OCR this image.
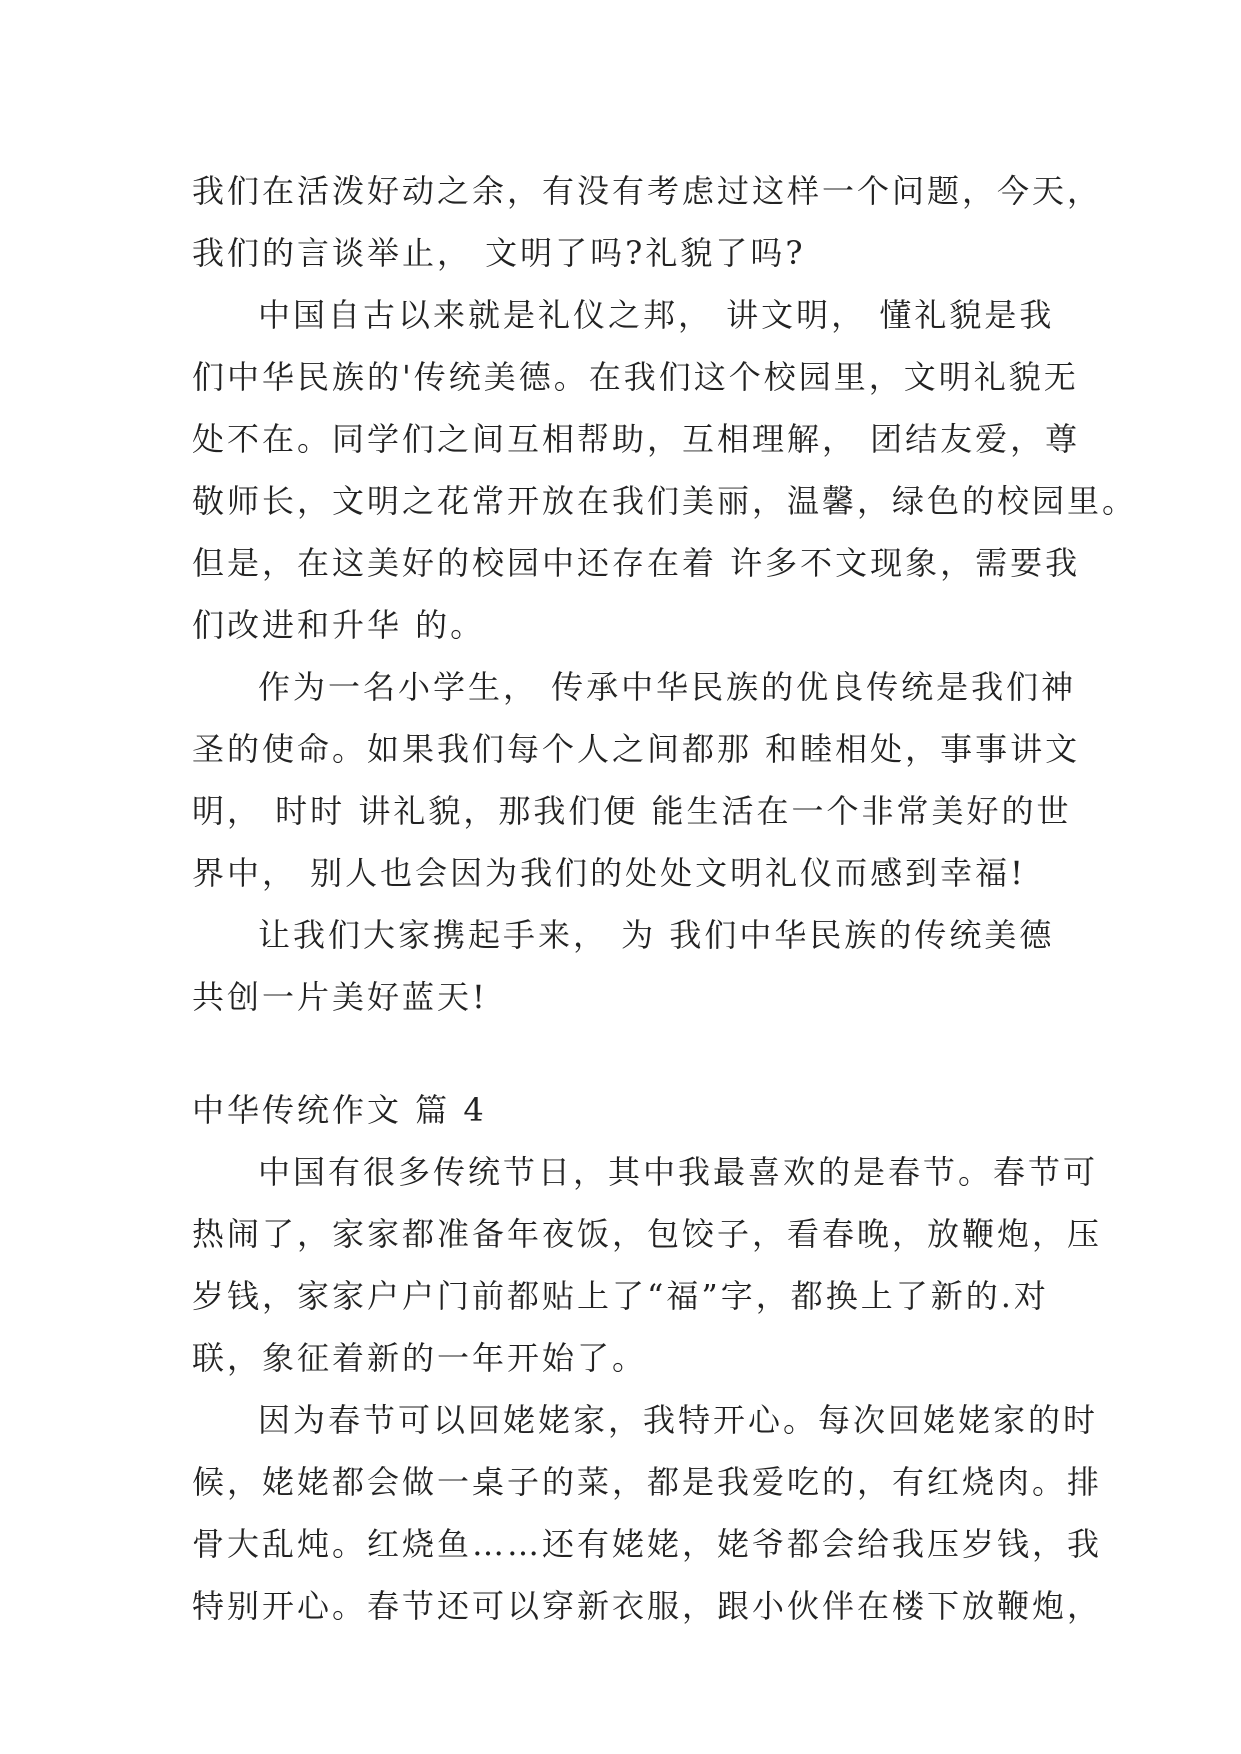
我们在活泼好动之余，有没有考虑过这样一个问题，今天，
我们的言谈举止， 文明了吗?礼貌了吗?

中国自古以来就是礼仪之邦， 讲文明， 懂礼貌是我
们中华民族的'传统美德。在我们这个校园里，文明礼貌无
处不在。同学们之间互相帮助，互相理解， 团结友爱，尊
敬师长，文明之花常开放在我们美丽，温馨，绿色的校园里。
但是，在这美好的校园中还存在着 许多不文现象，需要我
们改进和升华 的。

作为一名小学生， 传承中华民族的优良传统是我们神
圣的使命。如果我们每个人之间都那 和睦相处，事事讲文
明， 时时 讲礼貌，那我们便 能生活在一个非常美好的世
界中， 别人也会因为我们的处处文明礼仪而感到幸福!

让我们大家携起手来， 为 我们中华民族的传统美德
共创一片美好蓝天!

中华传统作文 篇 4

中国有很多传统节日，其中我最喜欢的是春节。春节可
热闹了，家家都准备年夜饭，包饺子，看春晚，放鞭炮，压
岁钱，家家户户门前都贴上了“福”字，都换上了新的.对
联，象征着新的一年开始了。

因为春节可以回姥姥家，我特开心。每次回姥姥家的时
候，姥姥都会做一桌子的菜，都是我爱吃的，有红烧肉。排
骨大乱炖。红烧鱼……还有姥姥，姥爷都会给我压岁钱，我
特别开心。春节还可以穿新衣服，跟小伙伴在楼下放鞭炮，
